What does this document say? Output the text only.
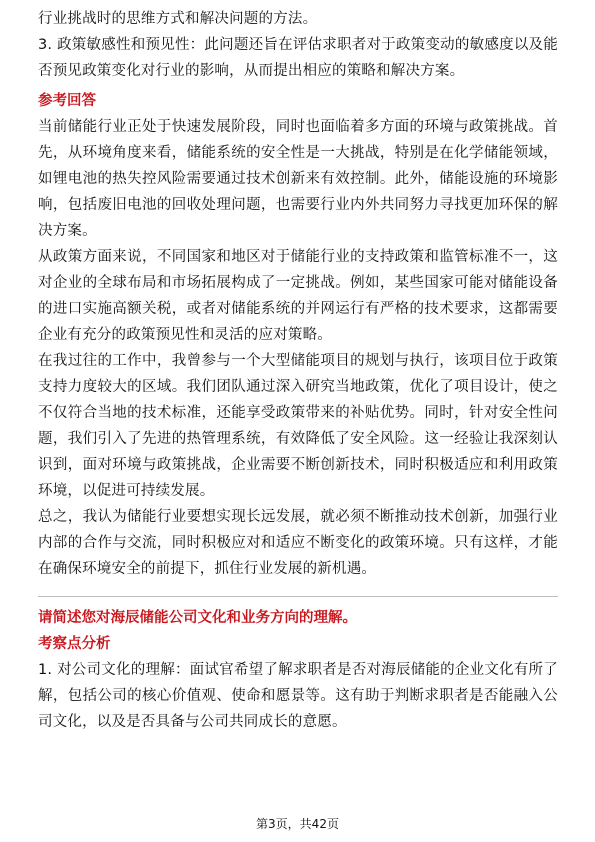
行业挑战时的思维方式和解决问题的方法。

3. 政策敏感性和预见性：此问题还旨在评估求职者对于政策变动的敏感度以及能否预见政策变化对行业的影响，从而提出相应的策略和解决方案。

参考回答

当前储能行业正处于快速发展阶段，同时也面临着多方面的环境与政策挑战。首先，从环境角度来看，储能系统的安全性是一大挑战，特别是在化学储能领域，如锂电池的热失控风险需要通过技术创新来有效控制。此外，储能设施的环境影响，包括废旧电池的回收处理问题，也需要行业内外共同努力寻找更加环保的解决方案。

从政策方面来说，不同国家和地区对于储能行业的支持政策和监管标准不一，这对企业的全球布局和市场拓展构成了一定挑战。例如，某些国家可能对储能设备的进口实施高额关税，或者对储能系统的并网运行有严格的技术要求，这都需要企业有充分的政策预见性和灵活的应对策略。

在我过往的工作中，我曾参与一个大型储能项目的规划与执行，该项目位于政策支持力度较大的区域。我们团队通过深入研究当地政策，优化了项目设计，使之不仅符合当地的技术标准，还能享受政策带来的补贴优势。同时，针对安全性问题，我们引入了先进的热管理系统，有效降低了安全风险。这一经验让我深刻认识到，面对环境与政策挑战，企业需要不断创新技术，同时积极适应和利用政策环境，以促进可持续发展。

总之，我认为储能行业要想实现长远发展，就必须不断推动技术创新，加强行业内部的合作与交流，同时积极应对和适应不断变化的政策环境。只有这样，才能在确保环境安全的前提下，抓住行业发展的新机遇。

请简述您对海辰储能公司文化和业务方向的理解。
考察点分析

1. 对公司文化的理解：面试官希望了解求职者是否对海辰储能的企业文化有所了解，包括公司的核心价值观、使命和愿景等。这有助于判断求职者是否能融入公司文化，以及是否具备与公司共同成长的意愿。

第3页，共42页
